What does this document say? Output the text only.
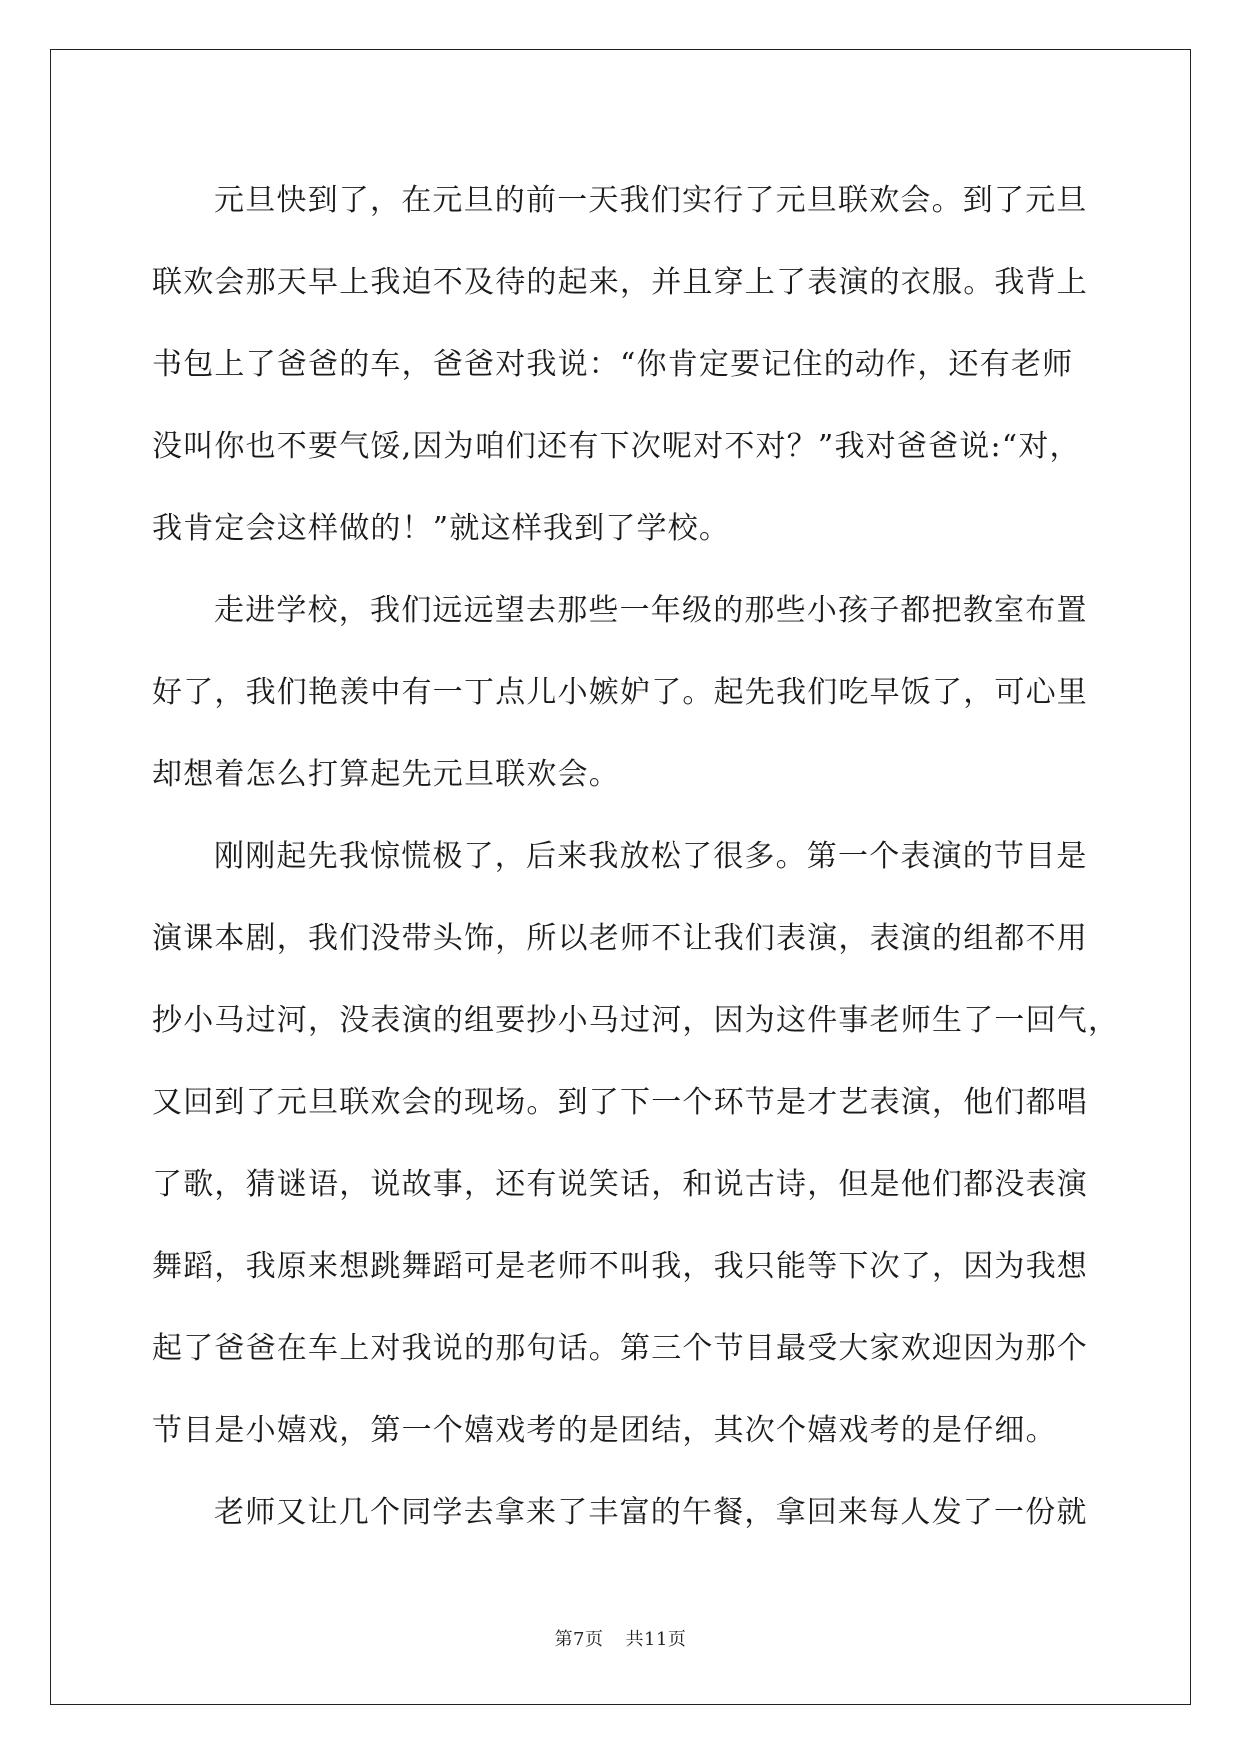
元旦快到了，在元旦的前一天我们实行了元旦联欢会。到了元旦
联欢会那天早上我迫不及待的起来，并且穿上了表演的衣服。我背上
书包上了爸爸的车，爸爸对我说：“你肯定要记住的动作，还有老师
没叫你也不要气馁,因为咱们还有下次呢对不对？”我对爸爸说:“对，
我肯定会这样做的！”就这样我到了学校。
走进学校，我们远远望去那些一年级的那些小孩子都把教室布置
好了，我们艳羡中有一丁点儿小嫉妒了。起先我们吃早饭了，可心里
却想着怎么打算起先元旦联欢会。
刚刚起先我惊慌极了，后来我放松了很多。第一个表演的节目是
演课本剧，我们没带头饰，所以老师不让我们表演，表演的组都不用
抄小马过河，没表演的组要抄小马过河，因为这件事老师生了一回气，
又回到了元旦联欢会的现场。到了下一个环节是才艺表演，他们都唱
了歌，猜谜语，说故事，还有说笑话，和说古诗，但是他们都没表演
舞蹈，我原来想跳舞蹈可是老师不叫我，我只能等下次了，因为我想
起了爸爸在车上对我说的那句话。第三个节目最受大家欢迎因为那个
节目是小嬉戏，第一个嬉戏考的是团结，其次个嬉戏考的是仔细。
老师又让几个同学去拿来了丰富的午餐，拿回来每人发了一份就
第7页 共11页
